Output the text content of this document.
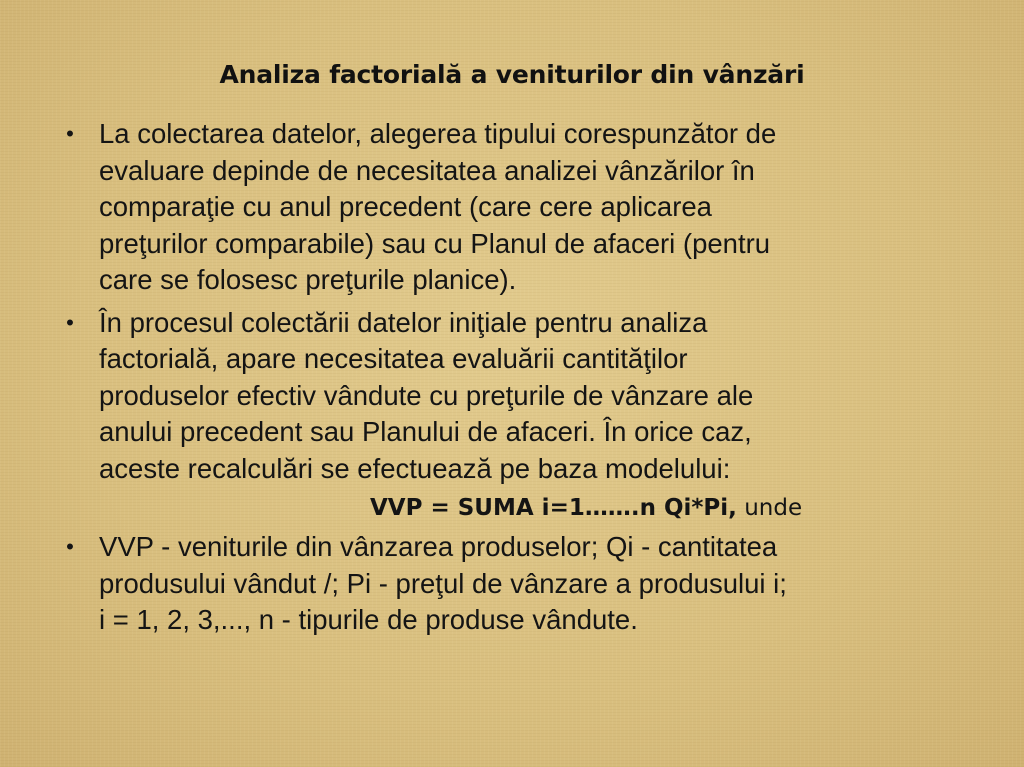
Analiza factorială a veniturilor din vânzări
• La colectarea datelor, alegerea tipului corespunzător de
evaluare depinde de necesitatea analizei vânzărilor în
comparaţie cu anul precedent (care cere aplicarea
preţurilor comparabile) sau cu Planul de afaceri (pentru
care se folosesc preţurile planice).
• În procesul colectării datelor iniţiale pentru analiza
factorială, apare necesitatea evaluării cantităţilor
produselor efectiv vândute cu preţurile de vânzare ale
anului precedent sau Planului de afaceri. În orice caz,
aceste recalculări se efectuează pe baza modelului:
VVP = SUMA i=1…….n Qi*Pi, unde
• VVP - veniturile din vânzarea produselor; Qi - cantitatea
produsului vândut /; Pi - preţul de vânzare a produsului i;
i = 1, 2, 3,..., n - tipurile de produse vândute.
